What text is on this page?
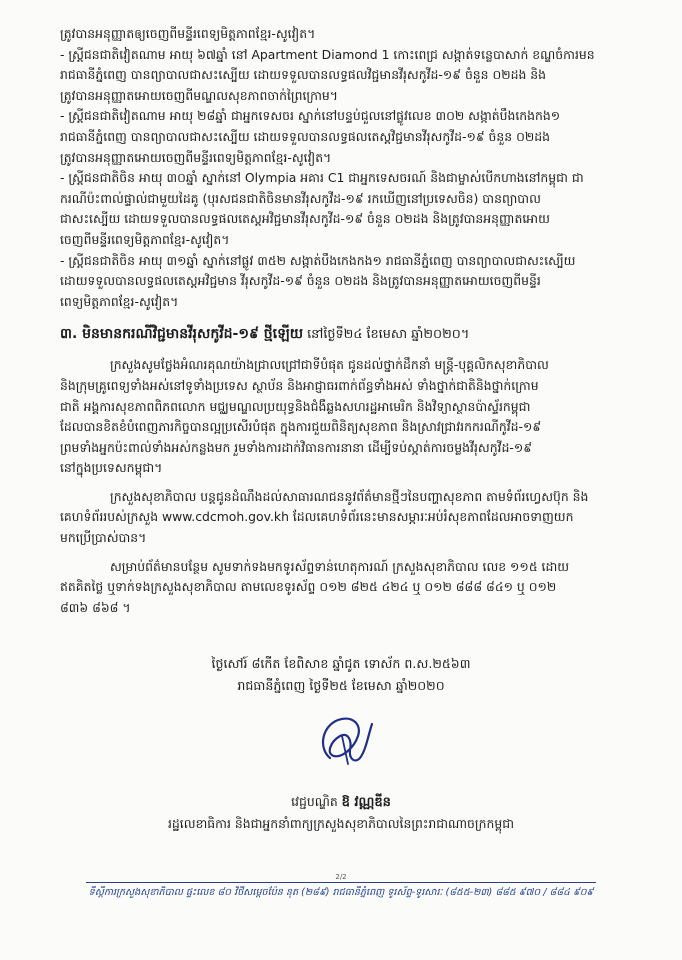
ត្រូវបានអនុញ្ញាតឲ្យចេញពីមន្ទីរពេទ្យមិត្តភាពខ្មែរ-សូវៀត។

- ស្ត្រីជនជាតិវៀតណាម អាយុ ៦៧ឆ្នាំ នៅ Apartment Diamond 1 កោះពេជ្រ សង្កាត់ទន្លេបាសាក់ ខណ្ឌចំការមន

រាជធានីភ្នំពេញ បានព្យាបាលជាសះស្បើយ ដោយទទួលបានលទ្ធផលវិជ្ជមានវីរុសកូវីដ-១៩ ចំនួន ០២ដង និង

ត្រូវបានអនុញ្ញាតអោយចេញពីមណ្ឌលសុខភាពចាក់ព្រៃក្រោម។

- ស្ត្រីជនជាតិវៀតណាម អាយុ ២៨ឆ្នាំ ជាអ្នកទេសចរ ស្នាក់នៅបន្ទប់ជួលនៅផ្លូវលេខ ៣០២ សង្កាត់បឹងកេងកង១

រាជធានីភ្នំពេញ បានព្យាបាលជាសះស្បើយ ដោយទទួលបានលទ្ធផលតេស្តវិជ្ជមានវីរុសកូវីដ-១៩ ចំនួន ០២ដង

ត្រូវបានអនុញ្ញាតអោយចេញពីមន្ទីរពេទ្យមិត្តភាពខ្មែរ-សូវៀត។

- ស្ត្រីជនជាតិចិន អាយុ ៣០ឆ្នាំ ស្នាក់នៅ Olympia អគារ C1 ជាអ្នកទេសចរណ៍ និងជាម្ចាស់បើកហាងនៅកម្ពុជា ជា

ករណីប៉ះពាល់ផ្ទាល់ជាមួយដៃគូ (បុរសជនជាតិចិនមានវីរុសកូវីដ-១៩ រកឃើញនៅប្រទេសចិន) បានព្យាបាល

ជាសះស្បើយ ដោយទទួលបានលទ្ធផលតេស្តអវិជ្ជមានវីរុសកូវីដ-១៩ ចំនួន ០២ដង និងត្រូវបានអនុញ្ញាតអោយ

ចេញពីមន្ទីរពេទ្យមិត្តភាពខ្មែរ-សូវៀត។

- ស្ត្រីជនជាតិចិន អាយុ ៣១ឆ្នាំ ស្នាក់នៅផ្លូវ ៣៥២ សង្កាត់បឹងកេងកង១ រាជធានីភ្នំពេញ បានព្យាបាលជាសះស្បើយ

ដោយទទួលបានលទ្ធផលតេស្តអវិជ្ជមាន វីរុសកូវីដ-១៩ ចំនួន ០២ដង និងត្រូវបានអនុញ្ញាតអោយចេញពីមន្ទីរ

ពេទ្យមិត្តភាពខ្មែរ-សូវៀត។

៣. មិនមានករណីវិជ្ជមានវីរុសកូវីដ-១៩ ថ្មីឡើយ នៅថ្ងៃទី២៤ ខែមេសា ឆ្នាំ២០២០។

ក្រសួងសូមថ្លែងអំណរគុណយ៉ាងជ្រាលជ្រៅជាទីបំផុត ជូនដល់ថ្នាក់ដឹកនាំ មន្ត្រី-បុគ្គលិកសុខាភិបាល

និងក្រុមគ្រូពេទ្យទាំងអស់នៅទូទាំងប្រទេស ស្ថាប័ន និងអាជ្ញាធរពាក់ព័ន្ធទាំងអស់ ទាំងថ្នាក់ជាតិនិងថ្នាក់ក្រោម

ជាតិ អង្គការសុខភាពពិភពលោក មជ្ឈមណ្ឌលប្រយុទ្ធនិងជំងឺឆ្លងសហរដ្ឋអាមេរិក និងវិទ្យាស្ថានប៉ាស្ទ័រកម្ពុជា

ដែលបានខិតខំបំពេញភារកិច្ចបានល្អប្រសើរបំផុត ក្នុងការជួយពិនិត្យសុខភាព និងស្រាវជ្រាវរកករណីកូវីដ-១៩

ព្រមទាំងអ្នកប៉ះពាល់ទាំងអស់កន្លងមក រួមទាំងការដាក់វិធានការនានា ដើម្បីទប់ស្កាត់ការចម្លងវីរុសកូវីដ-១៩

នៅក្នុងប្រទេសកម្ពុជា។

ក្រសួងសុខាភិបាល បន្តជូនដំណឹងដល់សាធារណជននូវព័ត៌មានថ្មីៗនៃបញ្ហាសុខភាព តាមទំព័រហ្វេសប៊ុក និង

គេហទំព័ររបស់ក្រសួង www.cdcmoh.gov.kh ដែលគេហទំព័រនេះមានសម្ភារៈអប់រំសុខភាពដែលអាចទាញយក

មកប្រើប្រាស់បាន។

សម្រាប់ព័ត៌មានបន្ថែម សូមទាក់ទងមកទូរស័ព្ទទាន់ហេតុការណ៍ ក្រសួងសុខាភិបាល លេខ ១១៥ ដោយ

ឥតគិតថ្លៃ ឬទាក់ទងក្រសួងសុខាភិបាល តាមលេខទូរស័ព្ទ ០១២ ៨២៥ ៤២៤ ឬ ០១២ ៨៨៨ ៨៤១ ឬ ០១២

៨៣៦ ៨៦៨ ។

ថ្ងៃសៅរ៍ ៨កើត ខែពិសាខ ឆ្នាំជូត ទោស័ក ព.ស.២៥៦៣
រាជធានីភ្នំពេញ ថ្ងៃទី២៥ ខែមេសា ឆ្នាំ២០២០
វេជ្ជបណ្ឌិត ឱ វណ្ណឌីន
រដ្ឋលេខាធិការ និងជាអ្នកនាំពាក្យក្រសួងសុខាភិបាលនៃព្រះរាជាណាចក្រកម្ពុជា
2/2
ទីស្តីការក្រសួងសុខាភិបាល ផ្ទះលេខ ៨០ វិថីសម្ដេចប៉ែន នុត (២៨៩) រាជធានីភ្នំពេញ ទូរស័ព្ទ-ទូរសារៈ (៨៥៥-២៣) ៨៨៥ ៩៧០ / ៨៨៤ ៩០៩
